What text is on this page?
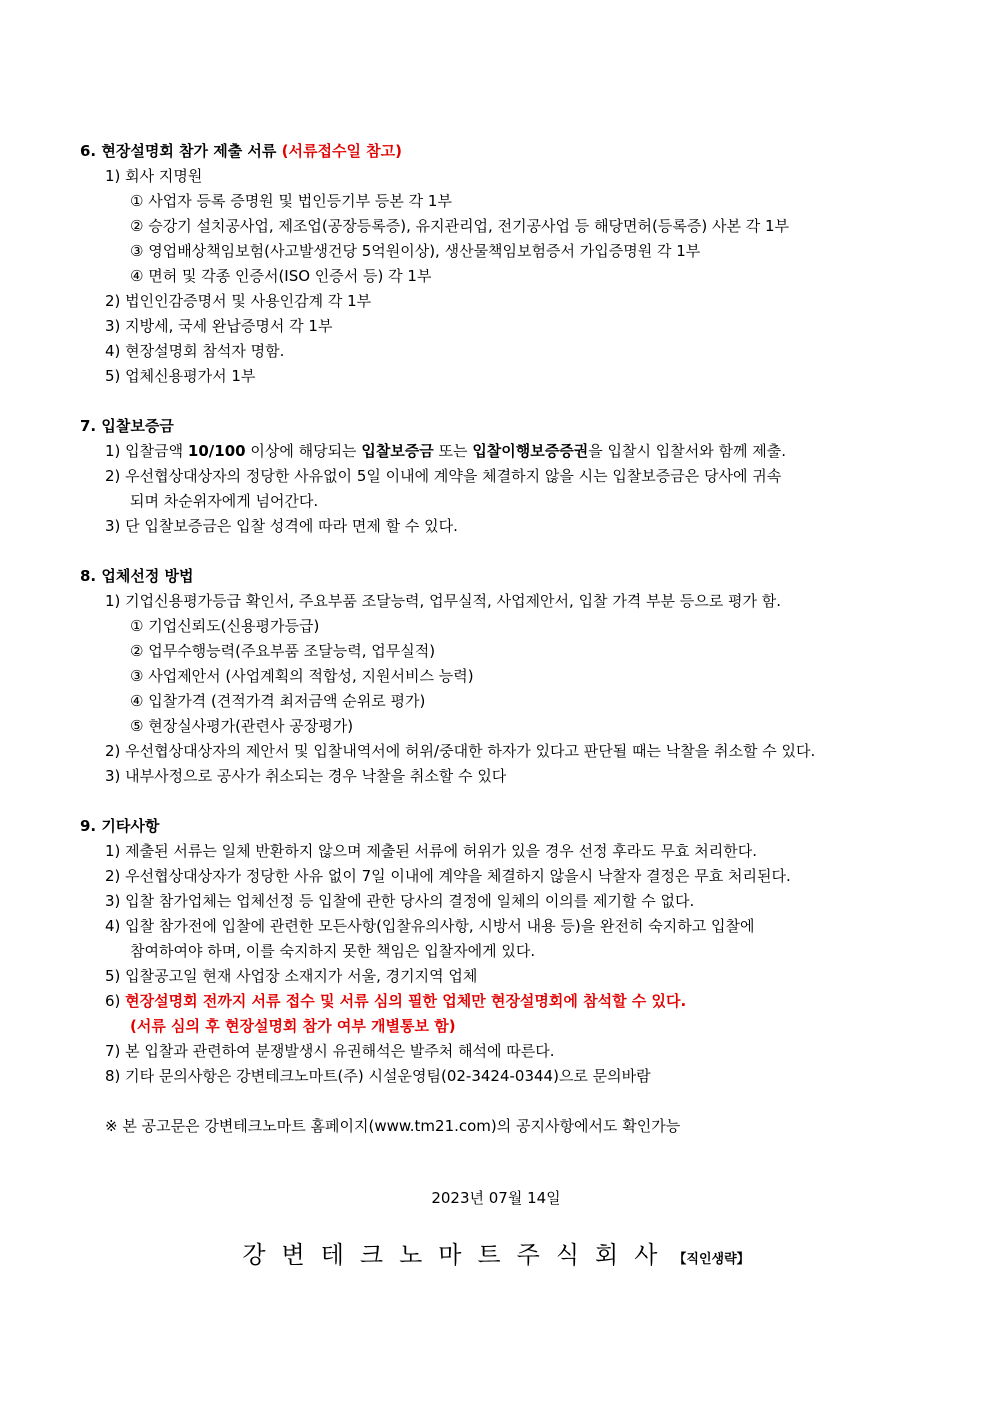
6. 현장설명회 참가 제출 서류 (서류접수일 참고)
1) 회사 지명원
① 사업자 등록 증명원 및 법인등기부 등본 각 1부
② 승강기 설치공사업, 제조업(공장등록증), 유지관리업, 전기공사업 등 해당면허(등록증) 사본 각 1부
③ 영업배상책임보험(사고발생건당 5억원이상), 생산물책임보험증서 가입증명원 각 1부
④ 면허 및 각종 인증서(ISO 인증서 등) 각 1부
2) 법인인감증명서 및 사용인감계 각 1부
3) 지방세, 국세 완납증명서 각 1부
4) 현장설명회 참석자 명함.
5) 업체신용평가서 1부
7. 입찰보증금
1) 입찰금액 10/100 이상에 해당되는 입찰보증금 또는 입찰이행보증증권을 입찰시 입찰서와 함께 제출.
2) 우선협상대상자의 정당한 사유없이 5일 이내에 계약을 체결하지 않을 시는 입찰보증금은 당사에 귀속
되며 차순위자에게 넘어간다.
3) 단 입찰보증금은 입찰 성격에 따라 면제 할 수 있다.
8. 업체선정 방법
1) 기업신용평가등급 확인서, 주요부품 조달능력, 업무실적, 사업제안서, 입찰 가격 부분 등으로 평가 함.
① 기업신뢰도(신용평가등급)
② 업무수행능력(주요부품 조달능력, 업무실적)
③ 사업제안서 (사업계획의 적합성, 지원서비스 능력)
④ 입찰가격 (견적가격 최저금액 순위로 평가)
⑤ 현장실사평가(관련사 공장평가)
2) 우선협상대상자의 제안서 및 입찰내역서에 허위/중대한 하자가 있다고 판단될 때는 낙찰을 취소할 수 있다.
3) 내부사정으로 공사가 취소되는 경우 낙찰을 취소할 수 있다
9. 기타사항
1) 제출된 서류는 일체 반환하지 않으며 제출된 서류에 허위가 있을 경우 선정 후라도 무효 처리한다.
2) 우선협상대상자가 정당한 사유 없이 7일 이내에 계약을 체결하지 않을시 낙찰자 결정은 무효 처리된다.
3) 입찰 참가업체는 업체선정 등 입찰에 관한 당사의 결정에 일체의 이의를 제기할 수 없다.
4) 입찰 참가전에 입찰에 관련한 모든사항(입찰유의사항, 시방서 내용 등)을 완전히 숙지하고 입찰에
참여하여야 하며, 이를 숙지하지 못한 책임은 입찰자에게 있다.
5) 입찰공고일 현재 사업장 소재지가 서울, 경기지역 업체
6) 현장설명회 전까지 서류 접수 및 서류 심의 필한 업체만 현장설명회에 참석할 수 있다.
(서류 심의 후 현장설명회 참가 여부 개별통보 함)
7) 본 입찰과 관련하여 분쟁발생시 유권해석은 발주처 해석에 따른다.
8) 기타 문의사항은 강변테크노마트(주) 시설운영팀(02-3424-0344)으로 문의바람
※ 본 공고문은 강변테크노마트 홈페이지(www.tm21.com)의 공지사항에서도 확인가능
2023년 07월 14일
강변테크노마트주식회사【직인생략】
